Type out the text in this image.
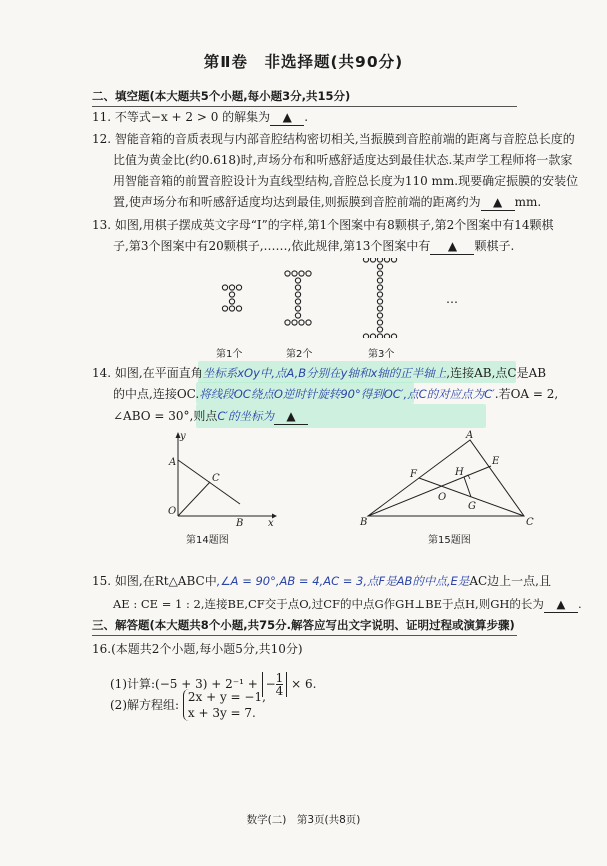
第Ⅱ卷　非选择题(共90分)
二、填空题(本大题共5个小题,每小题3分,共15分)
11. 不等式−x + 2 > 0 的解集为 ▲ .
12. 智能音箱的音质表现与内部音腔结构密切相关,当振膜到音腔前端的距离与音腔总长度的
比值为黄金比(约0.618)时,声场分布和听感舒适度达到最佳状态.某声学工程师将一款家
用智能音箱的前置音腔设计为直线型结构,音腔总长度为110 mm.现要确定振膜的安装位
置,使声场分布和听感舒适度均达到最佳,则振膜到音腔前端的距离约为 ▲ mm.
13. 如图,用棋子摆成英文字母“I”的字样,第1个图案中有8颗棋子,第2个图案中有14颗棋
子,第3个图案中有20颗棋子,……,依此规律,第13个图案中有 ▲ 颗棋子.
第1个	第2个	第3个
…
14. 如图,在平面直角坐标系xOy中,点A,B分别在y轴和x轴的正半轴上,连接AB,点C是AB
的中点,连接OC.将线段OC绕点O逆时针旋转90°得到OC′,点C的对应点为C′.若OA = 2,
∠ABO = 30°,则点C′的坐标为 ▲
y
A
C
O
B x
第14题图
A
E
H
F
O
G
B	C
第15题图
15. 如图,在Rt△ABC中,∠A = 90°,AB = 4,AC = 3,点F是AB的中点,E是AC边上一点,且
AE : CE = 1 : 2,连接BE,CF交于点O,过CF的中点G作GH⊥BE于点H,则GH的长为 ▲ .
三、解答题(本大题共8个小题,共75分.解答应写出文字说明、证明过程或演算步骤)
16.(本题共2个小题,每小题5分,共10分)
(1)计算:(−5 + 3) + 2⁻¹ + − $\frac{1}{4} \times 6$.
(2)解方程组:
2x + y = −1,
x + 3y = 7.
数学(二)　第3页(共8页)
